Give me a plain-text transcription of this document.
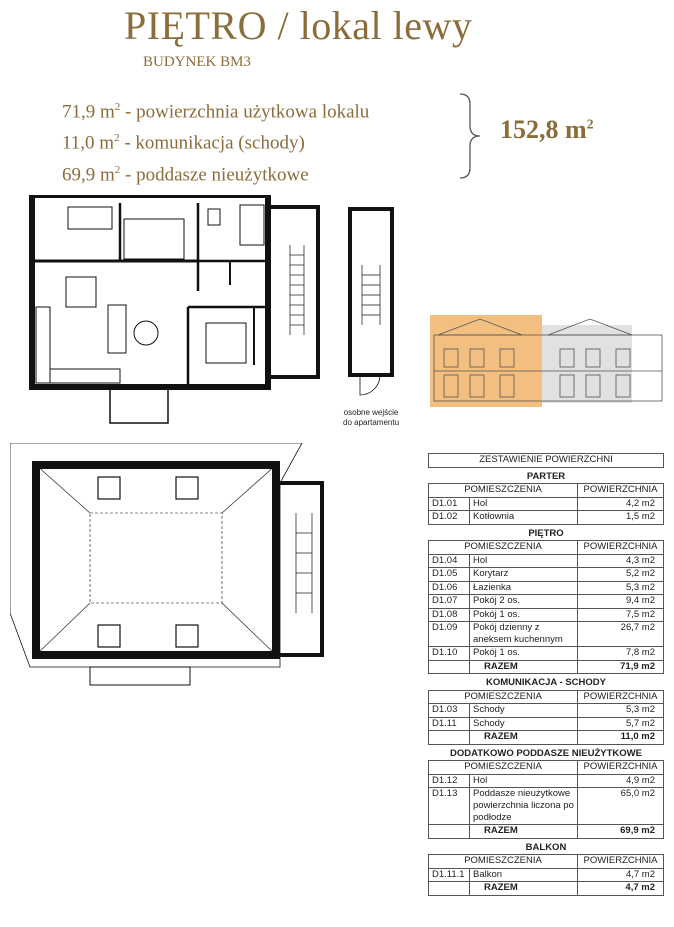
PIĘTRO / lokal lewy
BUDYNEK BM3
71,9 $m^2$ - powierzchnia użytkowa lokalu
11,0 $m^2$ - komunikacja (schody)
69,9 $m^2$ - poddasze nieużytkowe
152,8 $m^2$
osobne wejście
do apartamentu
ZESTAWIENIE POWIERZCHNI		
PARTER		
POMIESZCZENIA		POWIERZCHNIA
D1.01	Hol	4,2 m2
D1.02	Kotłownia	1,5 m2
PIĘTRO		
POMIESZCZENIA		POWIERZCHNIA
D1.04	Hol	4,3 m2
D1.05	Korytarz	5,2 m2
D1.06	Łazienka	5,3 m2
D1.07	Pokój 2 os.	9,4 m2
D1.08	Pokój 1 os.	7,5 m2
D1.09	Pokój dzienny z aneksem kuchennym	26,7 m2
D1.10	Pokój 1 os.	7,8 m2
	RAZEM	71,9 m2
KOMUNIKACJA - SCHODY		
POMIESZCZENIA		POWIERZCHNIA
D1.03	Schody	5,3 m2
D1.11	Schody	5,7 m2
	RAZEM	11,0 m2
DODATKOWO PODDASZE NIEUŻYTKOWE		
POMIESZCZENIA		POWIERZCHNIA
D1.12	Hol	4,9 m2
D1.13	Poddasze nieużytkowe powierzchnia liczona po podłodze	65,0 m2
	RAZEM	69,9 m2
BALKON		
POMIESZCZENIA		POWIERZCHNIA
D1.11.1	Balkon	4,7 m2
	RAZEM	4,7 m2
